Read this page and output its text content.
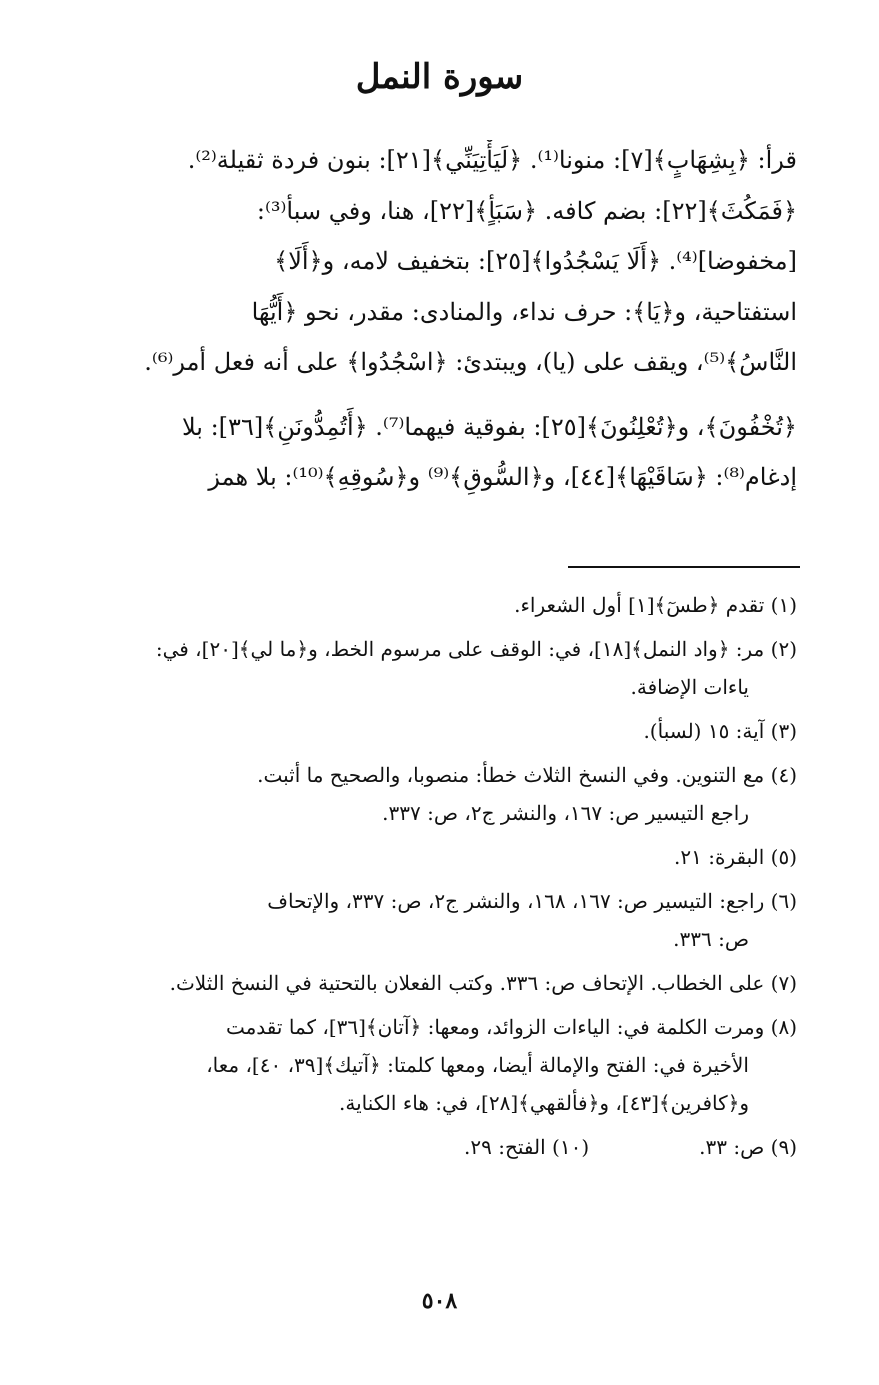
سورة النمل
قرأ: ﴿بِشِهَابٍ﴾[٧]: منونا⁽¹⁾. ﴿لَيَأْتِيَنِّي﴾[٢١]: بنون فردة ثقيلة⁽²⁾.
﴿فَمَكُثَ﴾[٢٢]: بضم كافه. ﴿سَبَأٍ﴾[٢٢]، هنا، وفي سبأ⁽³⁾:
[مخفوضا]⁽⁴⁾. ﴿أَلَا يَسْجُدُوا﴾[٢٥]: بتخفيف لامه، و﴿أَلَا﴾
استفتاحية، و﴿يَا﴾: حرف نداء، والمنادى: مقدر، نحو ﴿أَيُّهَا
النَّاسُ﴾⁽⁵⁾، ويقف على (يا)، ويبتدئ: ﴿اسْجُدُوا﴾ على أنه فعل أمر⁽⁶⁾.
﴿تُخْفُونَ﴾، و﴿تُعْلِنُونَ﴾[٢٥]: بفوقية فيهما⁽⁷⁾. ﴿أَتُمِدُّونَنِ﴾[٣٦]: بلا
إدغام⁽⁸⁾: ﴿سَاقَيْهَا﴾[٤٤]، و﴿السُّوقِ﴾⁽⁹⁾ و﴿سُوقِهِ﴾⁽¹⁰⁾: بلا همز
(١) تقدم ﴿طسٓ﴾[١] أول الشعراء.
(٢) مر: ﴿واد النمل﴾[١٨]، في: الوقف على مرسوم الخط، و﴿ما لي﴾[٢٠]، في:
ياءات الإضافة.
(٣) آية: ١٥ (لسبأ).
(٤) مع التنوين. وفي النسخ الثلاث خطأ: منصوبا، والصحيح ما أثبت.
راجع التيسير ص: ١٦٧، والنشر ج٢، ص: ٣٣٧.
(٥) البقرة: ٢١.
(٦) راجع: التيسير ص: ١٦٧، ١٦٨، والنشر ج٢، ص: ٣٣٧، والإتحاف
ص: ٣٣٦.
(٧) على الخطاب. الإتحاف ص: ٣٣٦. وكتب الفعلان بالتحتية في النسخ الثلاث.
(٨) ومرت الكلمة في: الياءات الزوائد، ومعها: ﴿آتان﴾[٣٦]، كما تقدمت
الأخيرة في: الفتح والإمالة أيضا، ومعها كلمتا: ﴿آتيك﴾[٣٩، ٤٠]، معا،
و﴿كافرين﴾[٤٣]، و﴿فألقهي﴾[٢٨]، في: هاء الكناية.
(٩) ص: ٣٣.
(١٠) الفتح: ٢٩.
٥٠٨
